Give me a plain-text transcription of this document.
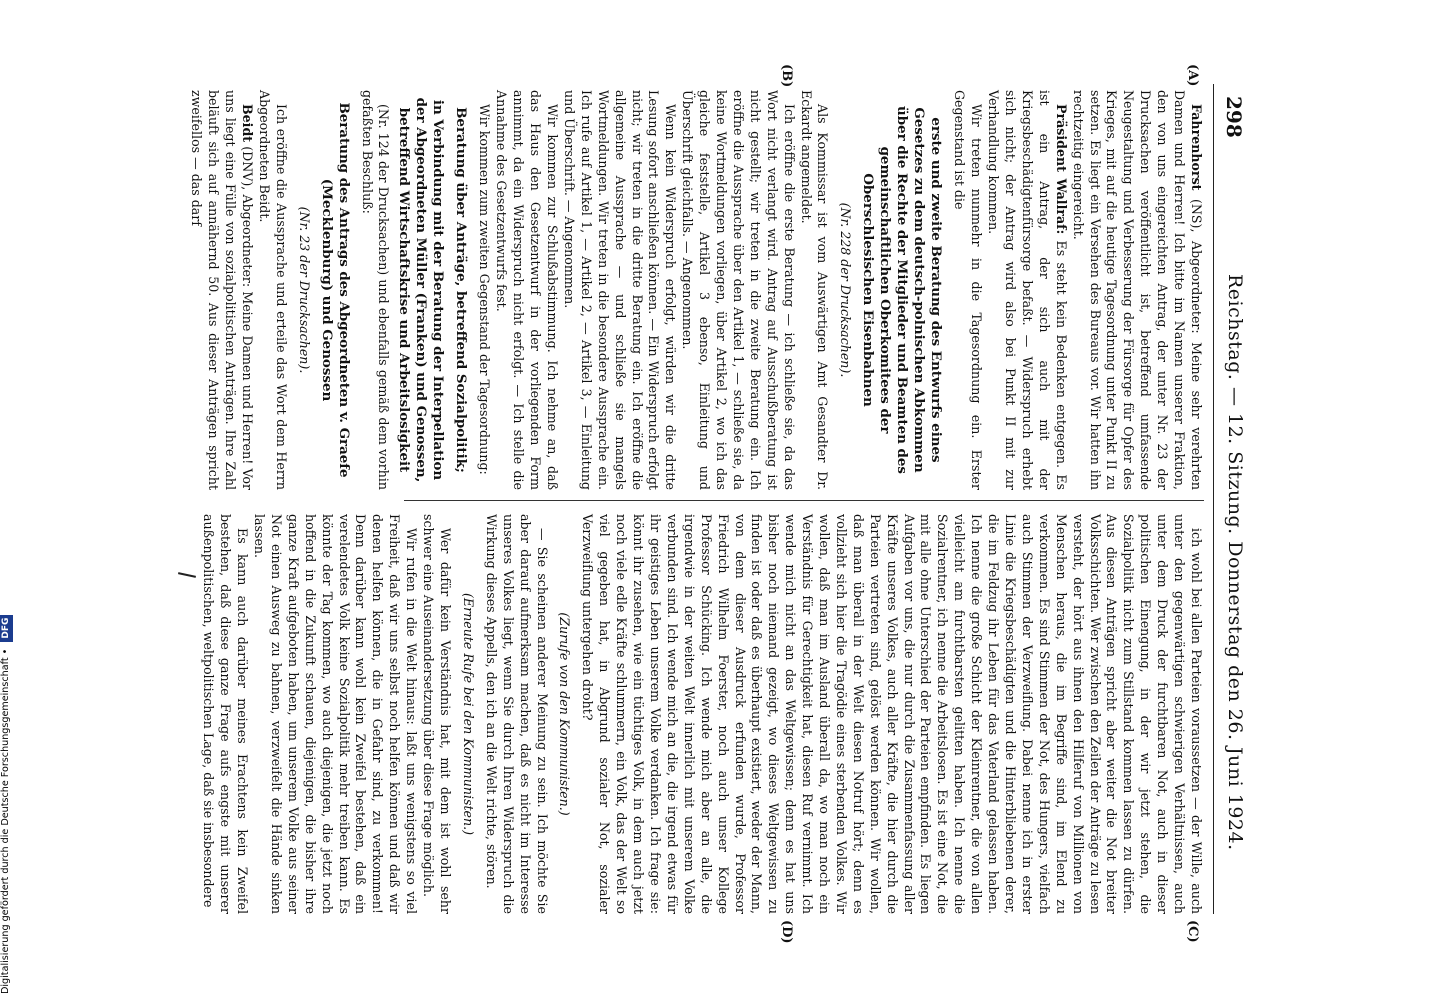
298
Reichstag. — 12. Sitzung. Donnerstag den 26. Juni 1924.
(A)
(B)
(C)
(D)

Fahrenhorst (NS), Abgeordneter: Meine sehr verehrten Damen und Herren! Ich bitte im Namen unserer Fraktion, den von uns eingereichten Antrag, der unter Nr. 23 der Drucksachen veröffentlicht ist, betreffend umfassende Neugestaltung und Verbesserung der Fürsorge für Opfer des Krieges, mit auf die heutige Tagesordnung unter Punkt II zu setzen. Es liegt ein Versehen des Bureaus vor. Wir hatten ihn rechtzeitig eingereicht.

Präsident Wallraf: Es steht kein Bedenken entgegen. Es ist ein Antrag, der sich auch mit der Kriegsbeschädigtenfürsorge befaßt. — Widerspruch erhebt sich nicht; der Antrag wird also bei Punkt II mit zur Verhandlung kommen.

Wir treten nunmehr in die Tagesordnung ein. Erster Gegenstand ist die

erste und zweite Beratung des Entwurfs eines Gesetzes zu dem deutsch-polnischen Abkommen über die Rechte der Mitglieder und Beamten des gemeinschaftlichen Oberkomitees der Oberschlesischen Eisenbahnen

(Nr. 228 der Drucksachen).

Als Kommissar ist vom Auswärtigen Amt Gesandter Dr. Eckardt angemeldet.

Ich eröffne die erste Beratung — ich schließe sie, da das Wort nicht verlangt wird. Antrag auf Ausschußberatung ist nicht gestellt; wir treten in die zweite Beratung ein. Ich eröffne die Aussprache über den Artikel 1, — schließe sie, da keine Wortmeldungen vorliegen, über Artikel 2, wo ich das gleiche feststelle, Artikel 3 ebenso, Einleitung und Überschrift gleichfalls. — Angenommen.

Wenn kein Widerspruch erfolgt, würden wir die dritte Lesung sofort anschließen können. — Ein Widerspruch erfolgt nicht; wir treten in die dritte Beratung ein. Ich eröffne die allgemeine Aussprache — und schließe sie mangels Wortmeldungen. Wir treten in die besondere Aussprache ein. Ich rufe auf Artikel 1, — Artikel 2, — Artikel 3, — Einleitung und Überschrift. — Angenommen.

Wir kommen zur Schlußabstimmung. Ich nehme an, daß das Haus den Gesetzentwurf in der vorliegenden Form annimmt, da ein Widerspruch nicht erfolgt. — Ich stelle die Annahme des Gesetzentwurfs fest.

Wir kommen zum zweiten Gegenstand der Tagesordnung:

Beratung über Anträge, betreffend Sozialpolitik;
in Verbindung mit der Beratung der Interpellation der Abgeordneten Müller (Franken) und Genossen, betreffend Wirtschaftskrise und Arbeitslosigkeit

(Nr. 124 der Drucksachen) und ebenfalls gemäß dem vorhin gefaßten Beschluß:

Beratung des Antrags des Abgeordneten v. Graefe (Mecklenburg) und Genossen

(Nr. 23 der Drucksachen).

Ich eröffne die Aussprache und erteile das Wort dem Herrn Abgeordneten Beidt.

Beidt (DNV), Abgeordneter: Meine Damen und Herren! Vor uns liegt eine Fülle von sozialpolitischen Anträgen. Ihre Zahl beläuft sich auf annähernd 50. Aus dieser Anträgen spricht zweifellos — das darf

ich wohl bei allen Parteien voraussetzen — der Wille, auch unter den gegenwärtigen schwierigen Verhältnissen, auch unter dem Druck der furchtbaren Not, auch in dieser politischen Einengung, in der wir jetzt stehen, die Sozialpolitik nicht zum Stillstand kommen lassen zu dürfen. Aus diesen Anträgen spricht aber weiter die Not breiter Volksschichten. Wer zwischen den Zeilen der Anträge zu lesen versteht, der hört aus ihnen den Hilferuf von Millionen von Menschen heraus, die im Begriffe sind, im Elend zu verkommen. Es sind Stimmen der Not, des Hungers, vielfach auch Stimmen der Verzweiflung. Dabei nenne ich in erster Linie die Kriegsbeschädigten und die Hinterbliebenen derer, die im Feldzug ihr Leben für das Vaterland gelassen haben. Ich nenne die große Schicht der Kleinrentner, die von allen vielleicht am furchtbarsten gelitten haben. Ich nenne die Sozialrentner, ich nenne die Arbeitslosen. Es ist eine Not, die mit alle ohne Unterschied der Parteien empfinden. Es liegen Aufgaben vor uns, die nur durch die Zusammenfassung aller Kräfte unseres Volkes, auch aller Kräfte, die hier durch die Parteien vertreten sind, gelöst werden können. Wir wollen, daß man überall in der Welt diesen Notruf hört; denn es vollzieht sich hier die Tragödie eines sterbenden Volkes. Wir wollen, daß man im Ausland überall da, wo man noch ein Verständnis für Gerechtigkeit hat, diesen Ruf vernimmt. Ich wende mich nicht an das Weltgewissen; denn es hat uns bisher noch niemand gezeigt, wo dieses Weltgewissen zu finden ist oder daß es überhaupt existiert, weder der Mann, von dem dieser Ausdruck erfunden wurde, Professor Friedrich Wilhelm Foerster, noch auch unser Kollege Professor Schücking. Ich wende mich aber an alle, die irgendwie in der weiten Welt innerlich mit unserem Volke verbunden sind. Ich wende mich an die, die irgend etwas für ihr geistiges Leben unserem Volke verdanken. Ich frage sie: könnt ihr zusehen, wie ein tüchtiges Volk, in dem auch jetzt noch viele edle Kräfte schlummern, ein Volk, das der Welt so viel gegeben hat, in Abgrund sozialer Not, sozialer Verzweiflung untergehen droht?

(Zurufe von den Kommunisten.)

— Sie scheinen anderer Meinung zu sein. Ich möchte Sie aber darauf aufmerksam machen, daß es nicht im Interesse unseres Volkes liegt, wenn Sie durch Ihren Widerspruch die Wirkung dieses Appells, den ich an die Welt richte, stören.

(Erneute Rufe bei den Kommunisten.)

Wer dafür kein Verständnis hat, mit dem ist wohl sehr schwer eine Auseinandersetzung über diese Frage möglich.

Wir rufen in die Welt hinaus: laßt uns wenigstens so viel Freiheit, daß wir uns selbst noch helfen können und daß wir denen helfen können, die in Gefahr sind, zu verkommen! Denn darüber kann wohl kein Zweifel bestehen, daß ein verelendetes Volk keine Sozialpolitik mehr treiben kann. Es könnte der Tag kommen, wo auch diejenigen, die jetzt noch hoffend in die Zukunft schauen, diejenigen, die bisher ihre ganze Kraft aufgeboten haben, um unserem Volke aus seiner Not einen Ausweg zu bahnen, verzweifelt die Hände sinken lassen.

Es kann auch darüber meines Erachtens kein Zweifel bestehen, daß diese ganze Frage aufs engste mit unserer außenpolitischen, weltpolitischen Lage, daß sie insbesondere

Digitalisierung gefördert durch die Deutsche Forschungsgemeinschaft • DFG
